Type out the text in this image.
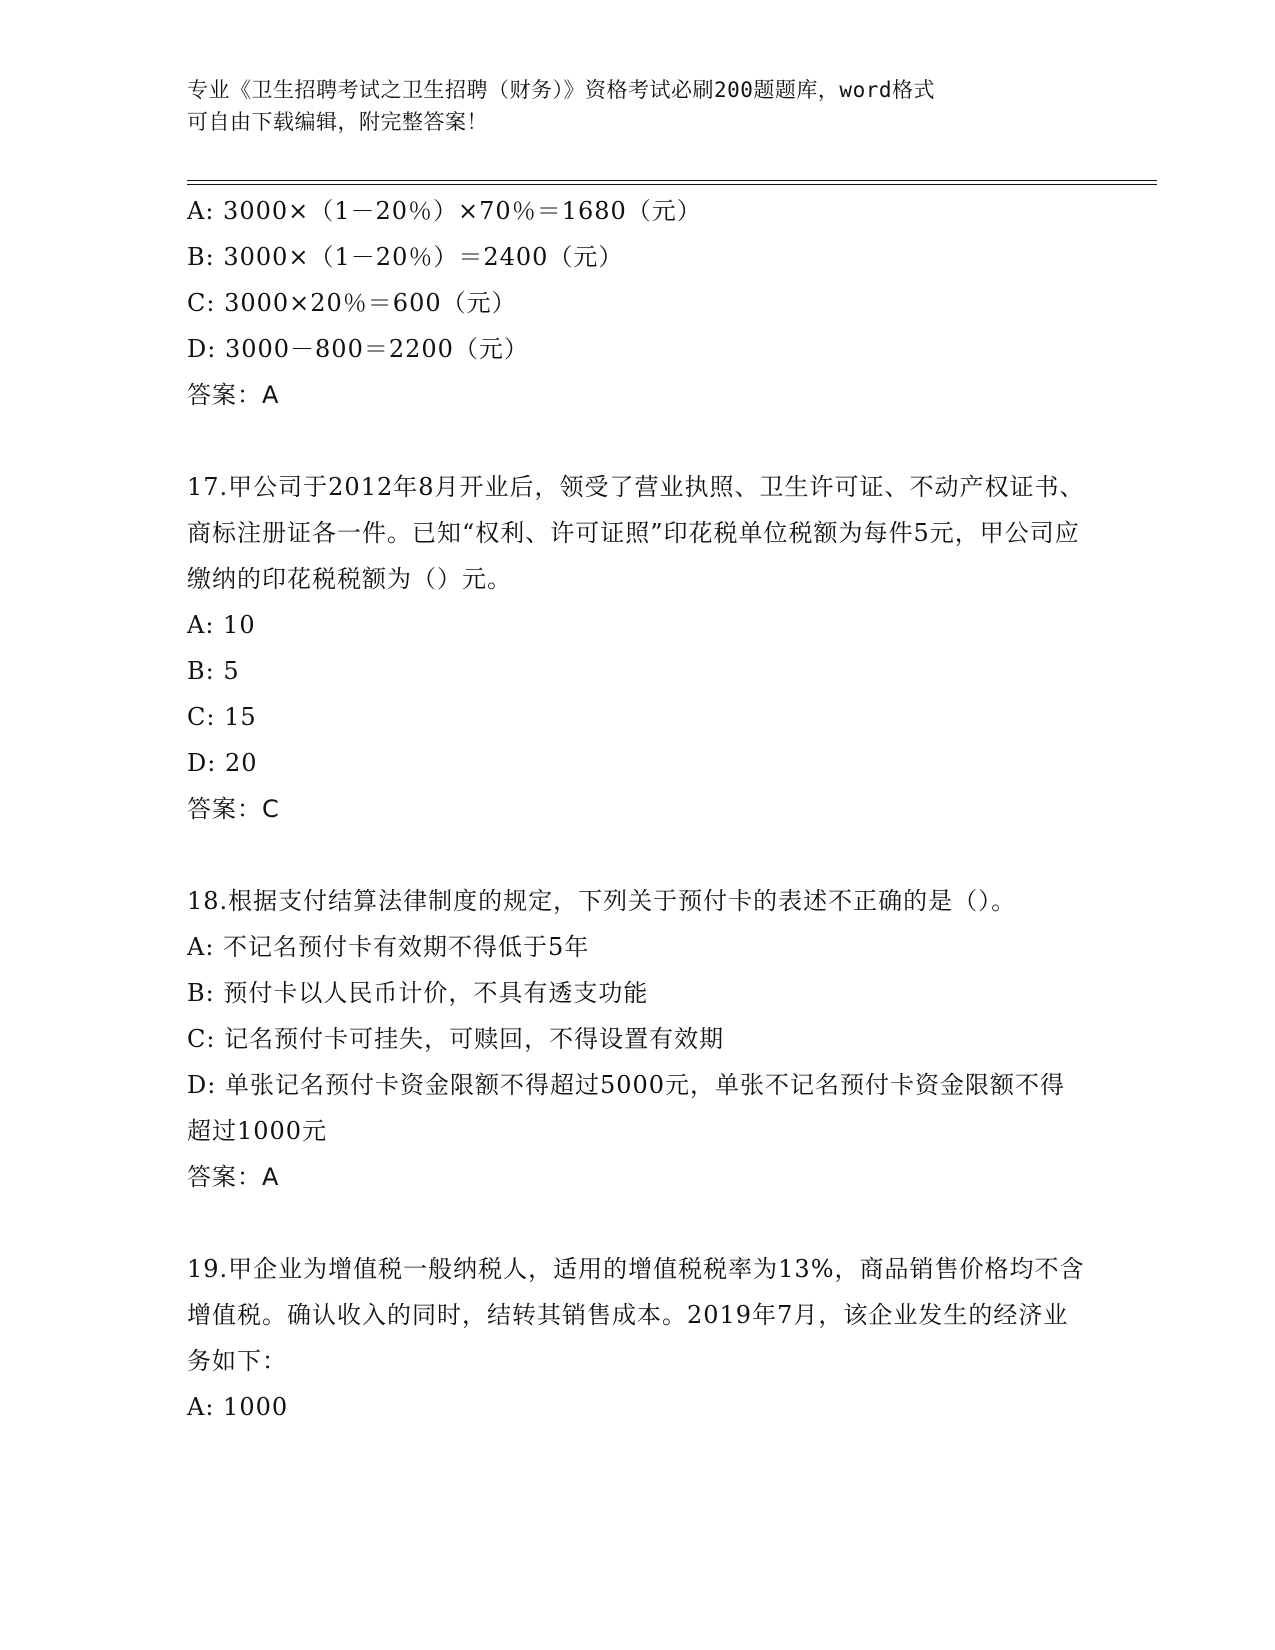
专业《卫生招聘考试之卫生招聘（财务）》资格考试必刷200题题库，word格式
可自由下载编辑，附完整答案！
A: 3000×（1－20％）×70％＝1680（元）
B: 3000×（1－20％）＝2400（元）
C: 3000×20％＝600（元）
D: 3000－800＝2200（元）
答案：A
17.甲公司于2012年8月开业后，领受了营业执照、卫生许可证、不动产权证书、商标注册证各一件。已知“权利、许可证照”印花税单位税额为每件5元，甲公司应缴纳的印花税税额为（）元。
A: 10
B: 5
C: 15
D: 20
答案：C
18.根据支付结算法律制度的规定，下列关于预付卡的表述不正确的是（）。
A: 不记名预付卡有效期不得低于5年
B: 预付卡以人民币计价，不具有透支功能
C: 记名预付卡可挂失，可赎回，不得设置有效期
D: 单张记名预付卡资金限额不得超过5000元，单张不记名预付卡资金限额不得超过1000元
答案：A
19.甲企业为增值税一般纳税人，适用的增值税税率为13%，商品销售价格均不含增值税。确认收入的同时，结转其销售成本。2019年7月，该企业发生的经济业务如下：
A: 1000
